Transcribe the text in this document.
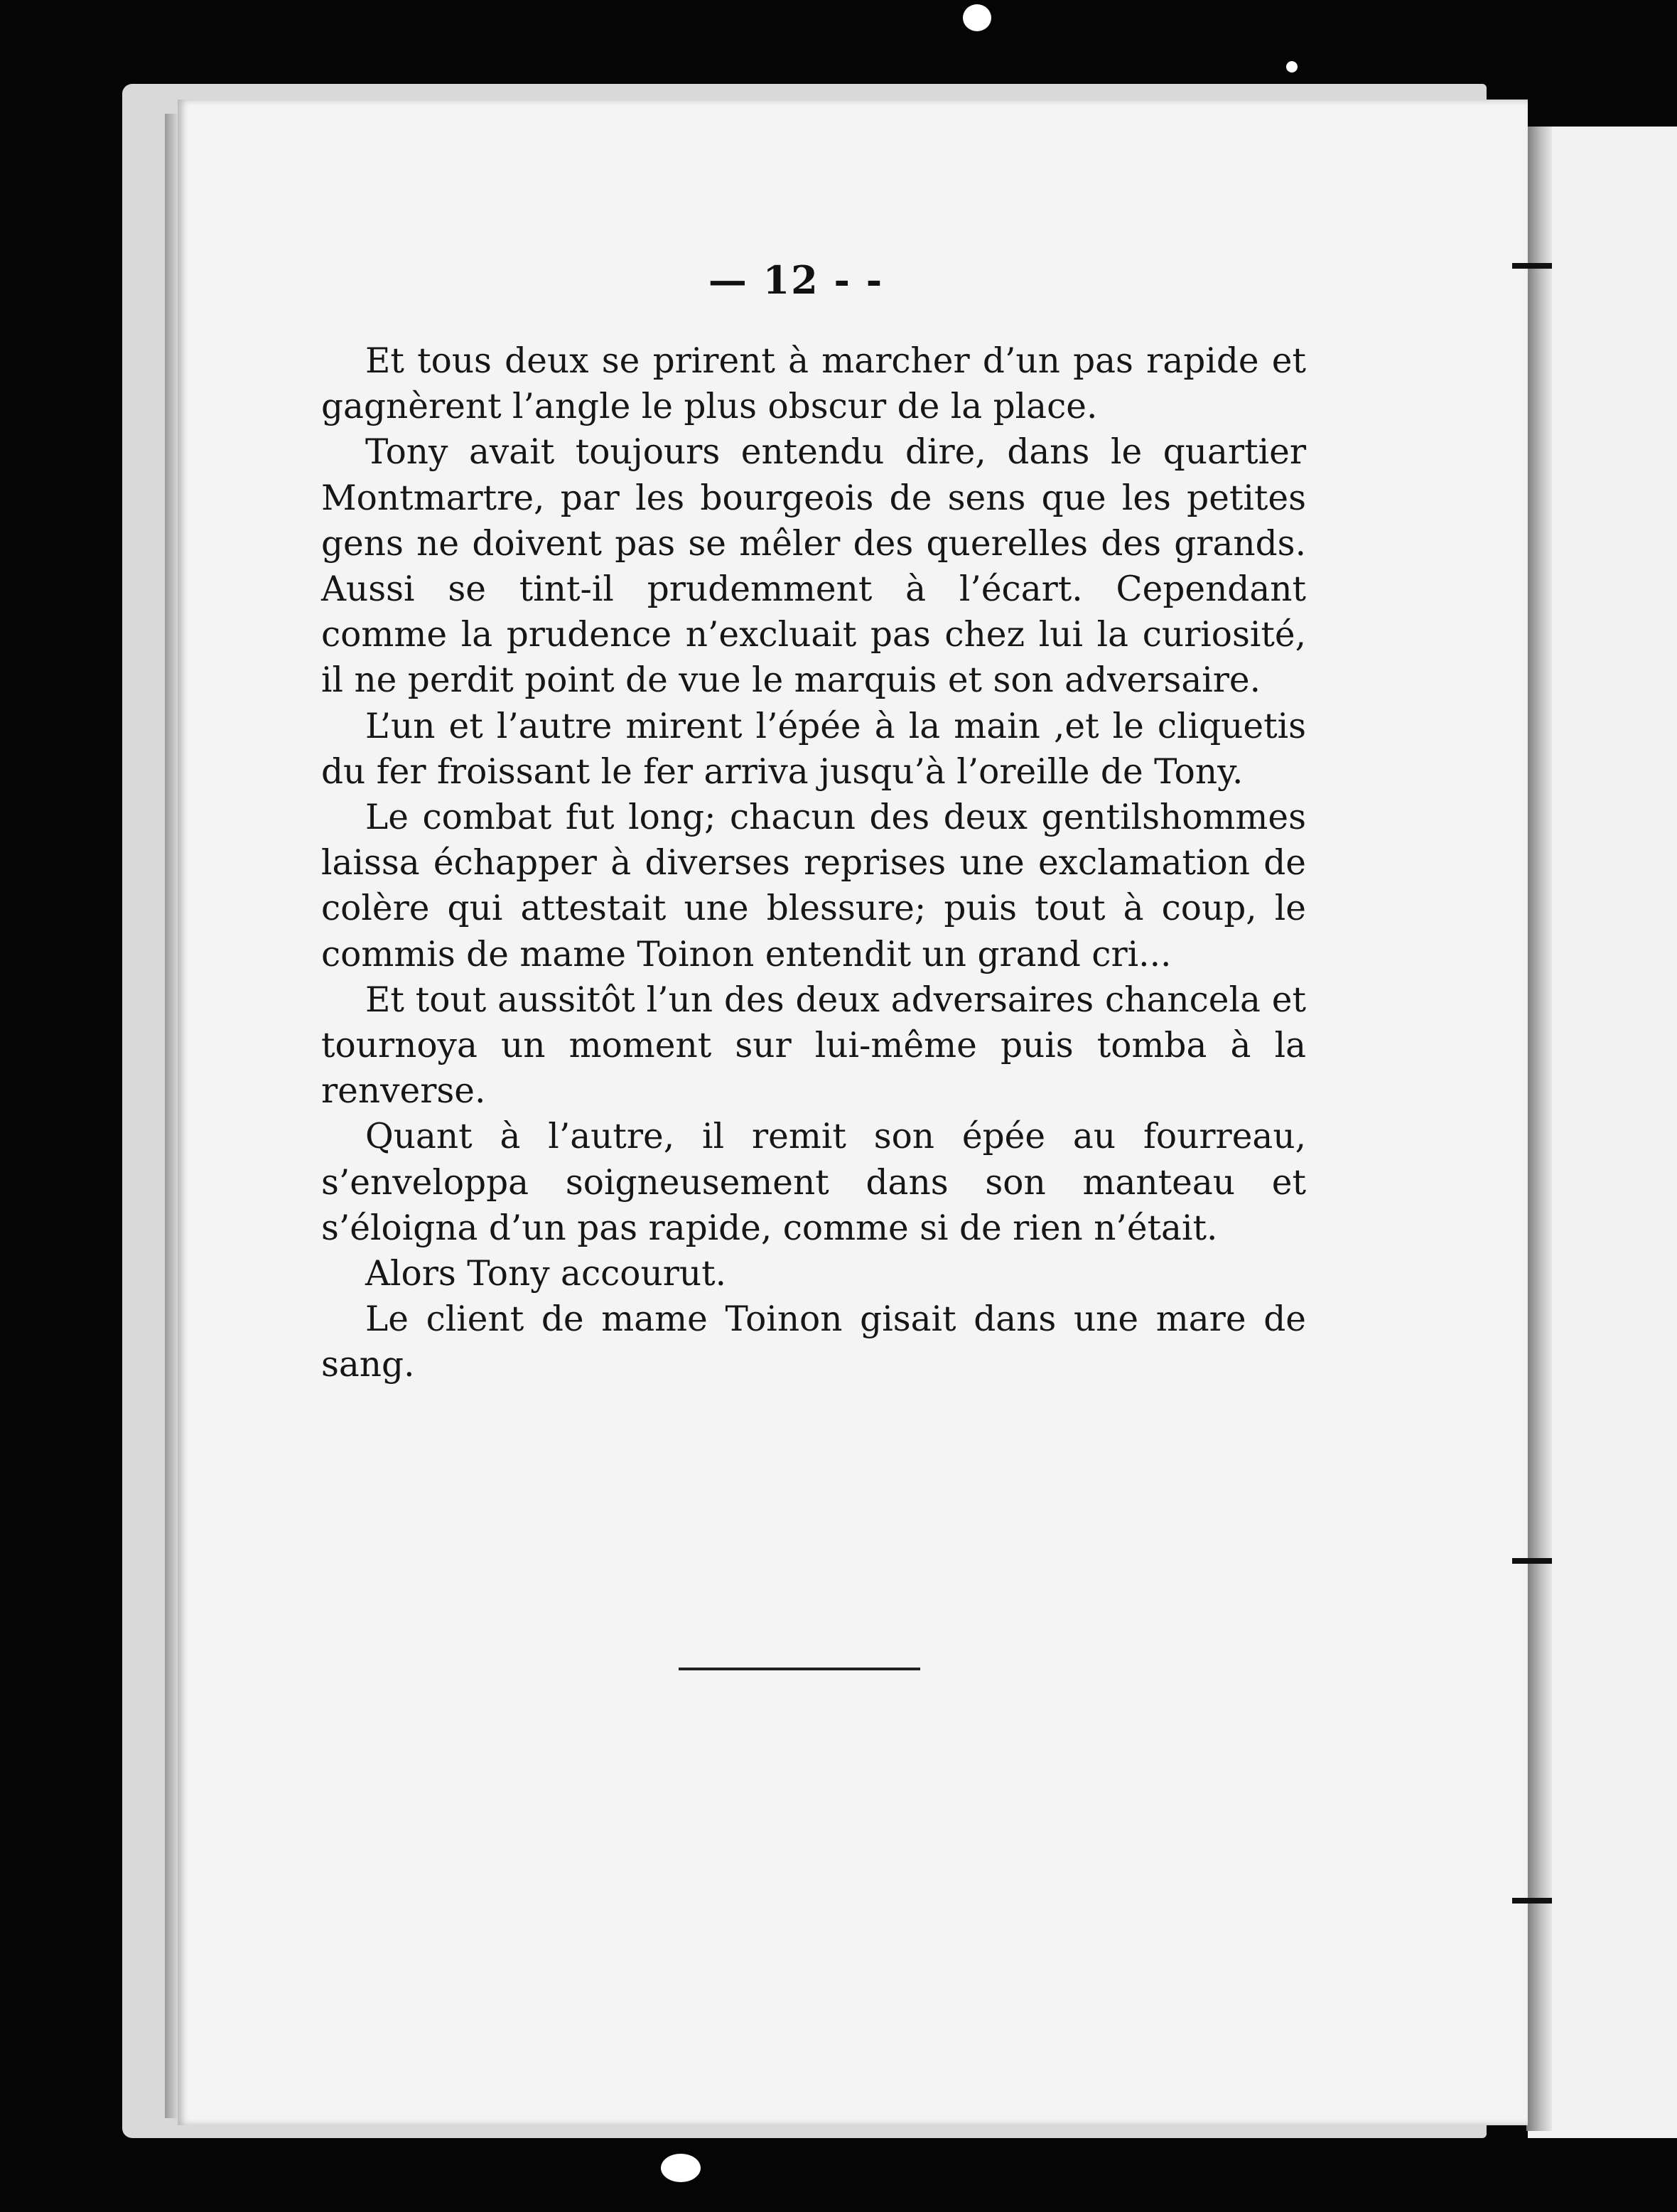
— 12 - -

Et tous deux se prirent à marcher d’un pas rapide et gagnèrent l’angle le plus obscur de la place.

Tony avait toujours entendu dire, dans le quartier Montmartre, par les bourgeois de sens que les petites gens ne doivent pas se mêler des querelles des grands. Aussi se tint-il prudemment à l’écart. Cependant comme la prudence n’excluait pas chez lui la curiosité, il ne perdit point de vue le marquis et son adversaire.

L’un et l’autre mirent l’épée à la main ,et le cliquetis du fer froissant le fer arriva jusqu’à l’oreille de Tony.

Le combat fut long; chacun des deux gentilshommes laissa échapper à diverses reprises une exclamation de colère qui attestait une blessure; puis tout à coup, le commis de mame Toinon entendit un grand cri...

Et tout aussitôt l’un des deux adversaires chancela et tournoya un moment sur lui-même puis tomba à la renverse.

Quant à l’autre, il remit son épée au fourreau, s’enveloppa soigneusement dans son manteau et s’éloigna d’un pas rapide, comme si de rien n’était.

Alors Tony accourut.

Le client de mame Toinon gisait dans une mare de sang.
